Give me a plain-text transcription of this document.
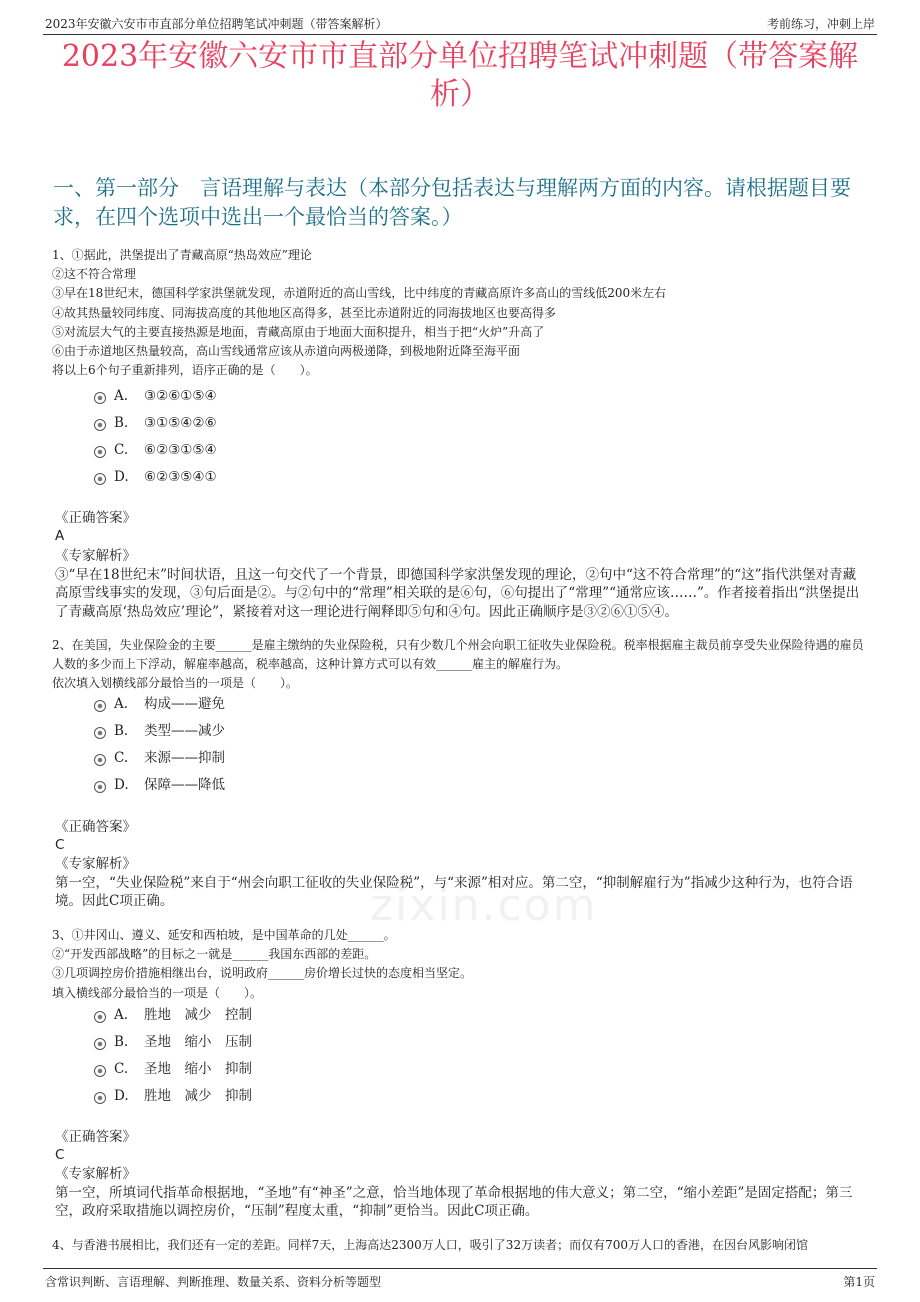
2023年安徽六安市市直部分单位招聘笔试冲刺题（带答案解析）	考前练习，冲刺上岸
zixin.com
2023年安徽六安市市直部分单位招聘笔试冲刺题（带答案解析）
一、第一部分　言语理解与表达（本部分包括表达与理解两方面的内容。请根据题目要求，在四个选项中选出一个最恰当的答案。）

1、①据此，洪堡提出了青藏高原“热岛效应”理论

②这不符合常理

③早在18世纪末，德国科学家洪堡就发现，赤道附近的高山雪线，比中纬度的青藏高原许多高山的雪线低200米左右

④故其热量较同纬度、同海拔高度的其他地区高得多，甚至比赤道附近的同海拔地区也要高得多

⑤对流层大气的主要直接热源是地面，青藏高原由于地面大面积提升，相当于把“火炉”升高了

⑥由于赤道地区热量较高，高山雪线通常应该从赤道向两极递降，到极地附近降至海平面

将以上6个句子重新排列，语序正确的是（　　）。

A. ③②⑥①⑤④
B. ③①⑤④②⑥
C. ⑥②③①⑤④
D. ⑥②③⑤④①
《正确答案》
A

《专家解析》

③“早在18世纪末”时间状语，且这一句交代了一个背景，即德国科学家洪堡发现的理论，②句中“这不符合常理”的“这”指代洪堡对青藏高原雪线事实的发现，③句后面是②。与②句中的“常理”相关联的是⑥句，⑥句提出了“常理”“通常应该……”。作者接着指出“洪堡提出了青藏高原‘热岛效应’理论”，紧接着对这一理论进行阐释即⑤句和④句。因此正确顺序是③②⑥①⑤④。

2、在美国，失业保险金的主要______是雇主缴纳的失业保险税，只有少数几个州会向职工征收失业保险税。税率根据雇主裁员前享受失业保险待遇的雇员人数的多少而上下浮动，解雇率越高，税率越高，这种计算方式可以有效______雇主的解雇行为。

依次填入划横线部分最恰当的一项是（　　）。

A. 构成——避免
B. 类型——减少
C. 来源——抑制
D. 保障——降低
《正确答案》
C

《专家解析》

第一空，“失业保险税”来自于“州会向职工征收的失业保险税”，与“来源”相对应。第二空，“抑制解雇行为”指减少这种行为，也符合语境。因此C项正确。

3、①井冈山、遵义、延安和西柏坡，是中国革命的几处______。

②“开发西部战略”的目标之一就是______我国东西部的差距。

③几项调控房价措施相继出台，说明政府______房价增长过快的态度相当坚定。

填入横线部分最恰当的一项是（　　）。

A. 胜地　减少　控制
B. 圣地　缩小　压制
C. 圣地　缩小　抑制
D. 胜地　减少　抑制
《正确答案》
C

《专家解析》

第一空，所填词代指革命根据地，“圣地”有“神圣”之意，恰当地体现了革命根据地的伟大意义；第二空，“缩小差距”是固定搭配；第三空，政府采取措施以调控房价，“压制”程度太重，“抑制”更恰当。因此C项正确。

4、与香港书展相比，我们还有一定的差距。同样7天，上海高达2300万人口，吸引了32万读者；而仅有700万人口的香港，在因台风影响闭馆

含常识判断、言语理解、判断推理、数量关系、资料分析等题型	第1页
